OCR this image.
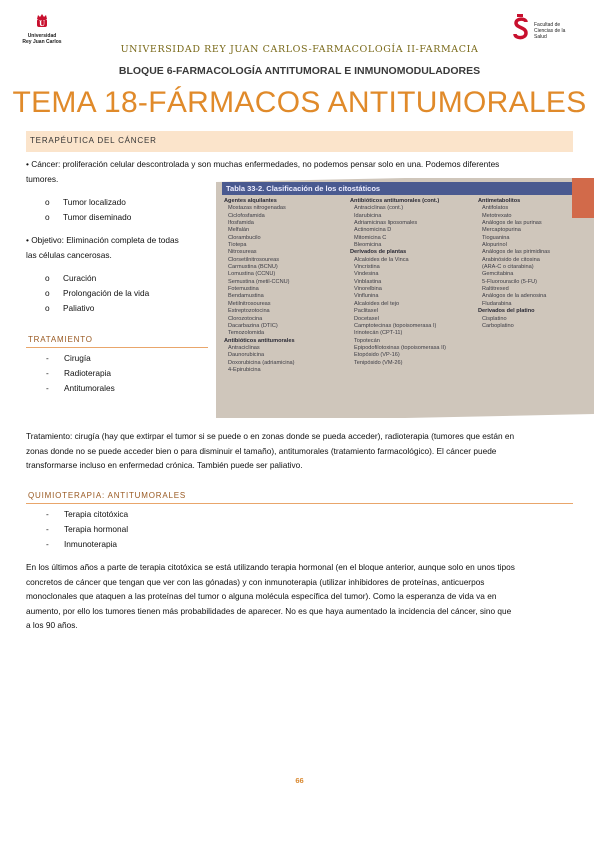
U
Universidad
Rey Juan Carlos
Facultad de
Ciencias de la
Salud
UNIVERSIDAD REY JUAN CARLOS-FARMACOLOGÍA II-FARMACIA
BLOQUE 6-FARMACOLOGÍA ANTITUMORAL E INMUNOMODULADORES
TEMA 18-FÁRMACOS ANTITUMORALES
TERAPÉUTICA DEL CÁNCER
• Cáncer: proliferación celular descontrolada y son muchas enfermedades, no podemos pensar solo en una. Podemos diferentes
tumores.
o Tumor localizado
o Tumor diseminado
• Objetivo: Eliminación completa de todas
las células cancerosas.
o Curación
o Prolongación de la vida
o Paliativo
TRATAMIENTO
- Cirugía
- Radioterapia
- Antitumorales
Tabla 33-2. Clasificación de los citostáticos
Agentes alquilantes
Mostazas nitrogenadas
Ciclofosfamida
Ifosfamida
Melfalán
Clorambucilo
Tiotepa
Nitrosureas
Clorsetilnitrosoureas
Carmustina (BCNU)
Lomustina (CCNU)
Semustina (metil-CCNU)
Fotemustina
Bendamustina
Metilnitrosoureas
Estreptozotocina
Clorozotocina
Dacarbazina (DTIC)
Temozolomida
Antibióticos antitumorales
Antraciclinas
Daunorubicina
Doxorubicina (adriamicina)
4-Epirubicina
Antibióticos antitumorales (cont.)
Antraciclinas (cont.)
Idarubicina
Adriamicinas liposomales
Actinomicina D
Mitomicina C
Bleomicina
Derivados de plantas
Alcaloides de la Vinca
Vincristina
Vindesina
Vinblastina
Vinorelbina
Vinflunina
Alcaloides del tejo
Paclitaxel
Docetaxel
Camptotecinas (topoisomerasa I)
Irinotecán (CPT-11)
Topotecán
Epipodofilotoxinas (topoisomerasa II)
Etopósido (VP-16)
Tenipósido (VM-26)
Antimetabolitos
Antifolatos
Metotrexato
Análogos de las purinas
Mercaptopurina
Tioguanina
Alopurinol
Análogos de las pirimidinas
Arabinósido de citosina
(ARA-C o citarabina)
Gemcitabina
5-Fluorouracilo (5-FU)
Raltitrexed
Análogos de la adenosina
Fludarabina
Derivados del platino
Cisplatino
Carboplatino
Tratamiento: cirugía (hay que extirpar el tumor si se puede o en zonas donde se pueda acceder), radioterapia (tumores que están en
zonas donde no se puede acceder bien o para disminuir el tamaño), antitumorales (tratamiento farmacológico). El cáncer puede
transformarse incluso en enfermedad crónica. También puede ser paliativo.
QUIMIOTERAPIA: ANTITUMORALES
- Terapia citotóxica
- Terapia hormonal
- Inmunoterapia
En los últimos años a parte de terapia citotóxica se está utilizando terapia hormonal (en el bloque anterior, aunque solo en unos tipos
concretos de cáncer que tengan que ver con las gónadas) y con inmunoterapia (utilizar inhibidores de proteínas, anticuerpos
monoclonales que ataquen a las proteínas del tumor o alguna molécula específica del tumor). Como la esperanza de vida va en
aumento, por ello los tumores tienen más probabilidades de aparecer. No es que haya aumentado la incidencia del cáncer, sino que
a los 90 años.
66
